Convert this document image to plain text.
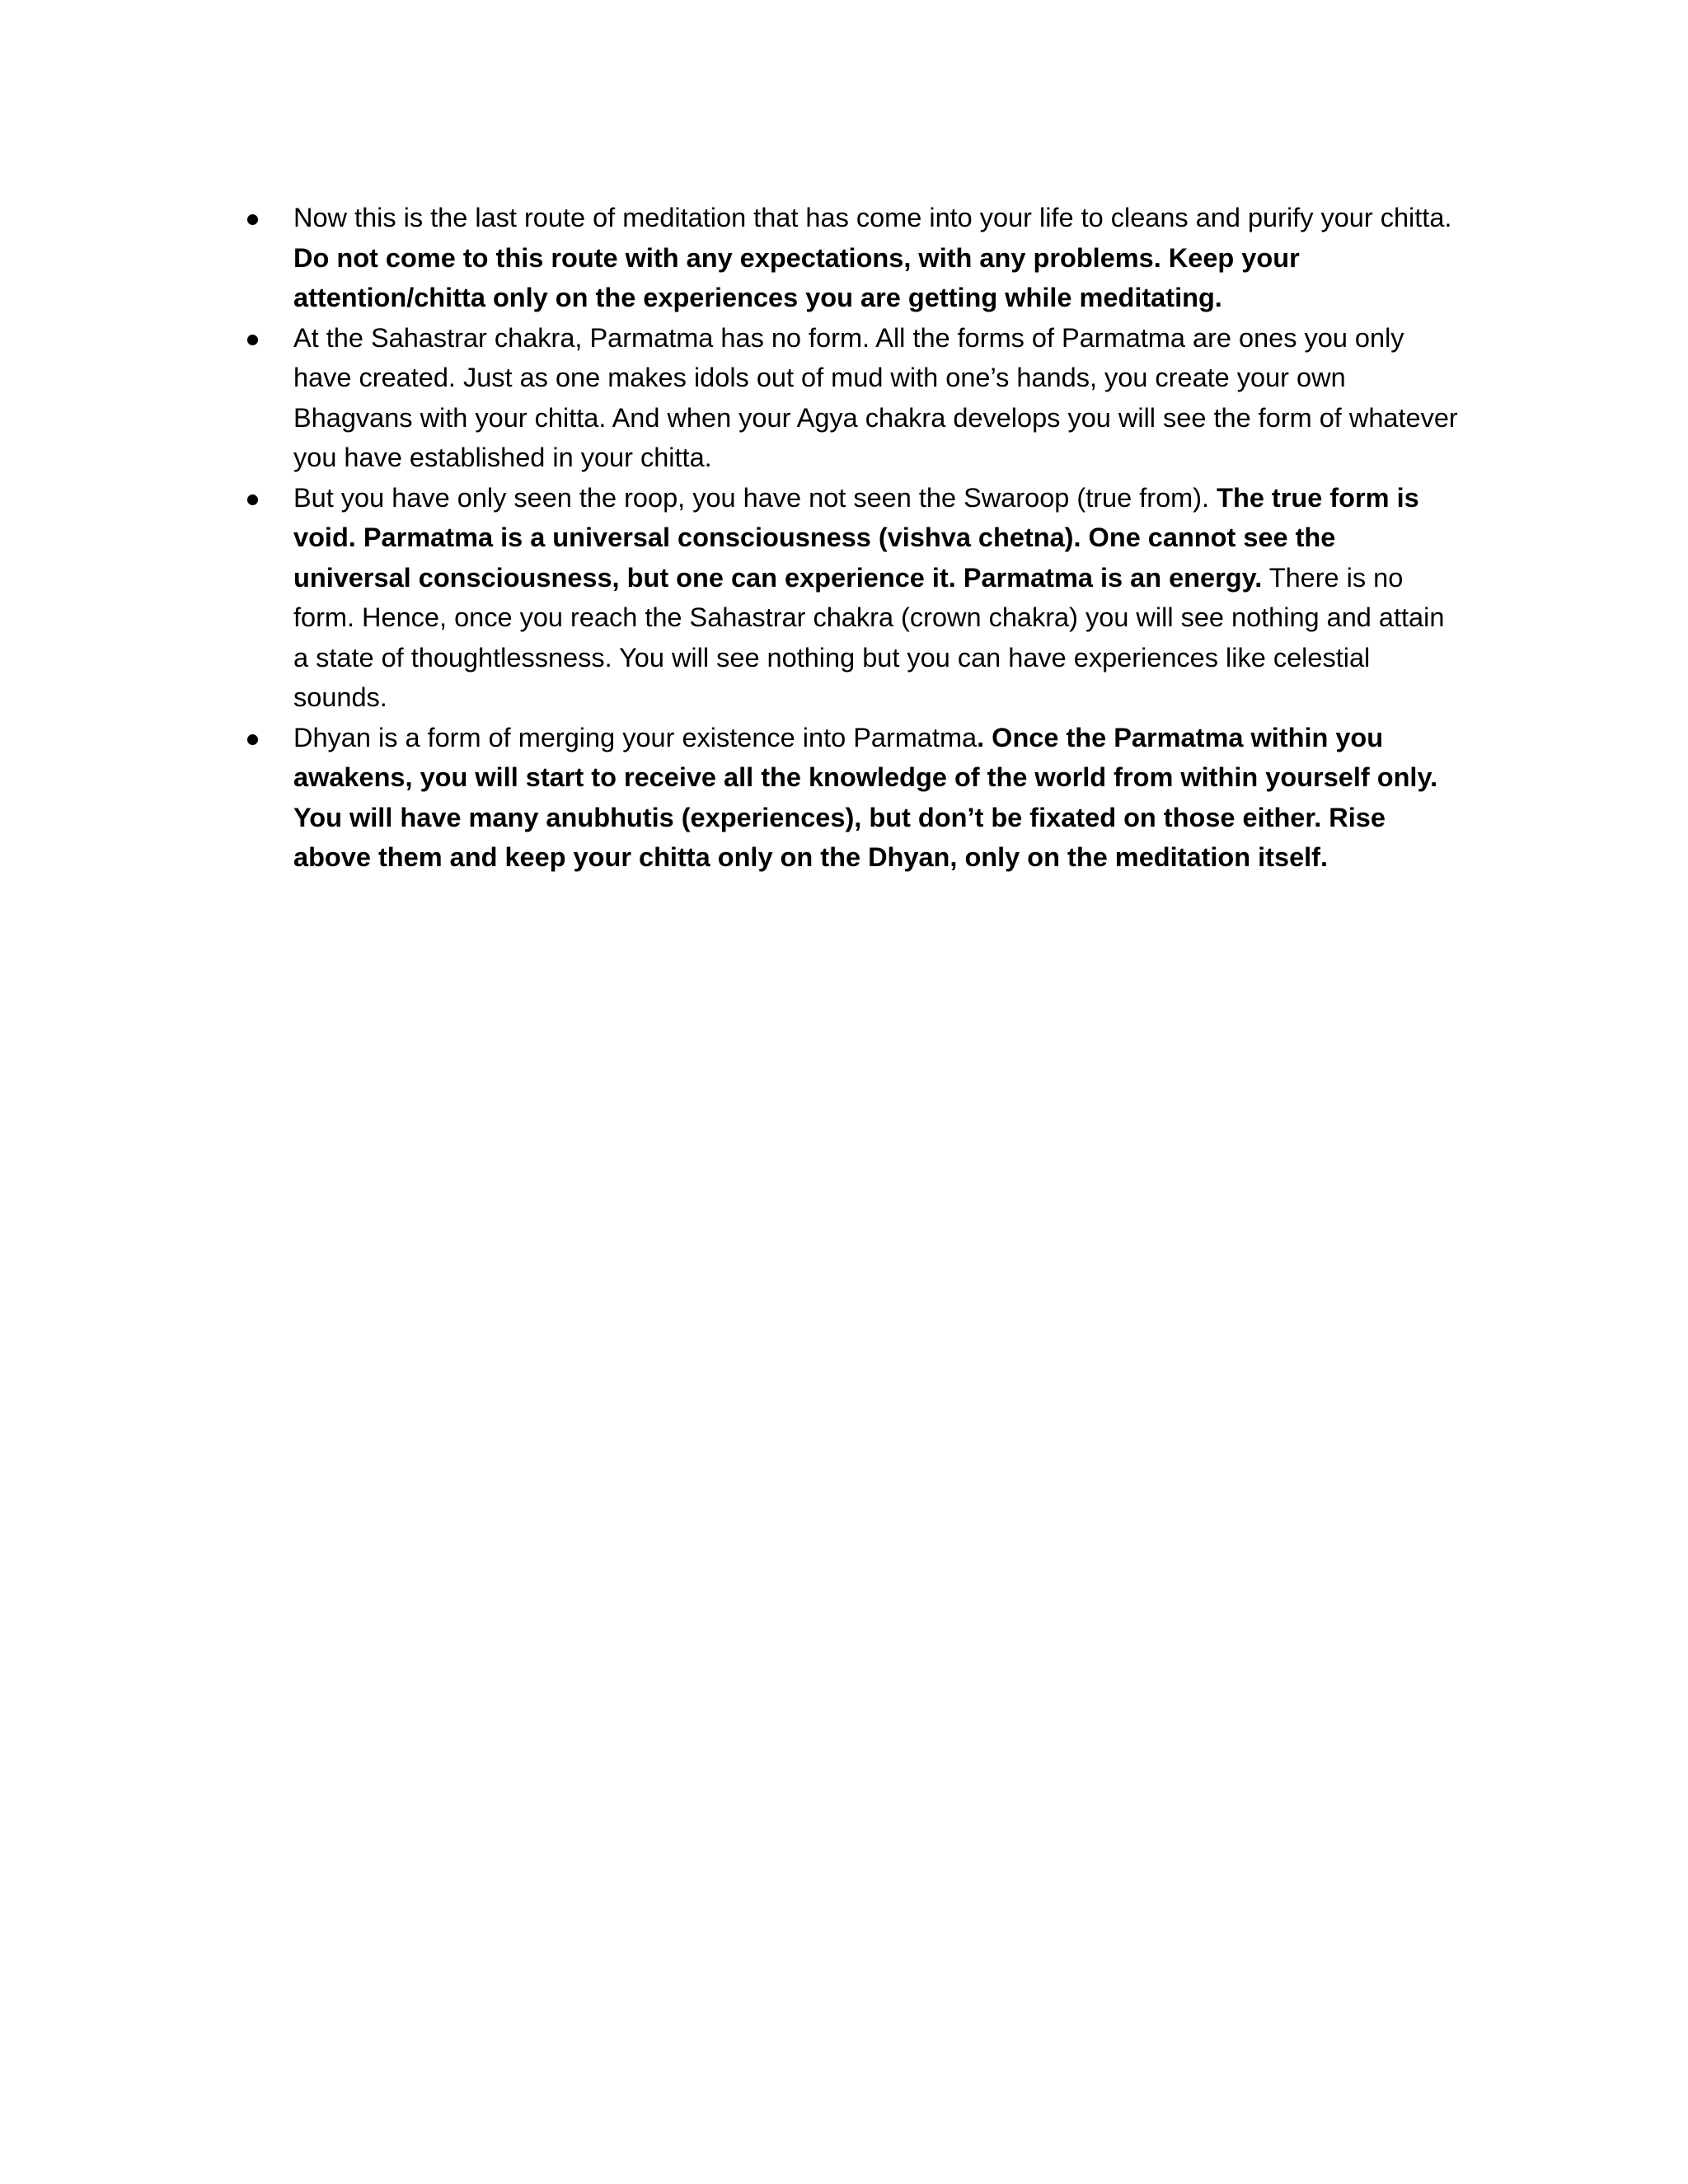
Now this is the last route of meditation that has come into your life to cleans and purify your chitta. Do not come to this route with any expectations, with any problems. Keep your attention/chitta only on the experiences you are getting while meditating.
At the Sahastrar chakra, Parmatma has no form. All the forms of Parmatma are ones you only have created. Just as one makes idols out of mud with one’s hands, you create your own Bhagvans with your chitta. And when your Agya chakra develops you will see the form of whatever you have established in your chitta.
But you have only seen the roop, you have not seen the Swaroop (true from). The true form is void. Parmatma is a universal consciousness (vishva chetna). One cannot see the universal consciousness, but one can experience it. Parmatma is an energy. There is no form. Hence, once you reach the Sahastrar chakra (crown chakra) you will see nothing and attain a state of thoughtlessness. You will see nothing but you can have experiences like celestial sounds.
Dhyan is a form of merging your existence into Parmatma. Once the Parmatma within you awakens, you will start to receive all the knowledge of the world from within yourself only. You will have many anubhutis (experiences), but don’t be fixated on those either. Rise above them and keep your chitta only on the Dhyan, only on the meditation itself.
